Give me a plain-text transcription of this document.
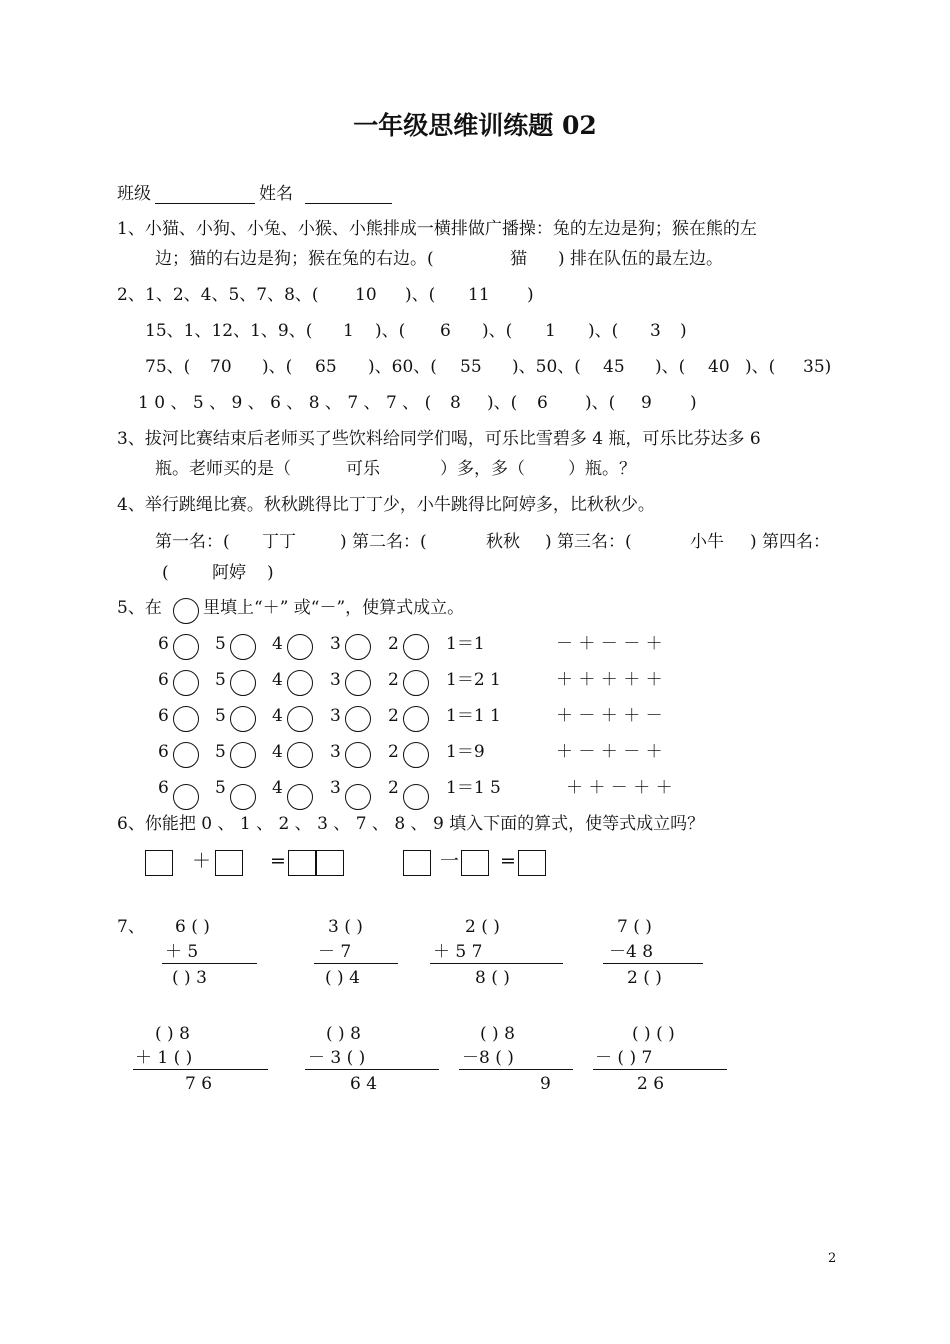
一年级思维训练题 02
班级	姓名
1、小猫、小狗、小兔、小猴、小熊排成一横排做广播操：兔的左边是狗；猴在熊的左
边；猫的右边是狗；猴在兔的右边。(	猫 ) 排在队伍的最左边。
2、 1、2、4、5、7、8、( 10 )、( 11 )
15、1、12、1、9、( 1 )、( 6 )、( 1 )、( 3 )
75、( 70 )、( 65 )、60、( 55 )、50、( 45 )、( 40 )、( 35)
1 0 、 5 、 9 、 6 、 8 、 7 、 7 、 ( 8 )、( 6 )、( 9 )
3、拔河比赛结束后老师买了些饮料给同学们喝，可乐比雪碧多 4 瓶，可乐比芬达多 6
瓶。老师买的是（	可乐	）多，多（	）瓶。？
4、举行跳绳比赛。秋秋跳得比丁丁少，小牛跳得比阿婷多，比秋秋少。
第一名：( 丁丁	) 第二名：(	秋秋 ) 第三名：(	小牛 ) 第四名：
(	阿婷 )
5、在 里填上“＋” 或“－”，使算式成立。
6	5	4	3	2	1＝1	－ ＋ － － ＋
6	5	4	3	2	1＝2 1	＋ ＋ ＋ ＋ ＋
6	5	4	3	2	1＝1 1	＋ － ＋ ＋ －
6	5	4	3	2	1＝9	＋ － ＋ － ＋
6	5	4	3	2	1＝1 5	＋ ＋ － ＋ ＋
6、你能把 0 、 1 、 2 、 3 、 7 、 8 、 9 填入下面的算式，使等式成立吗？
＋	=	一 =
7、 6 ( )
＋ 5
( ) 3
3 ( )
－ 7
( ) 4
2 ( )
＋ 5 7
8 ( )
7 ( )
－4 8
2 ( )
( ) 8
＋ 1 ( )
7 6
( ) 8
－ 3 ( )
6 4
( ) 8
－8 ( )
9
( ) ( )
－ ( ) 7
2 6
2
